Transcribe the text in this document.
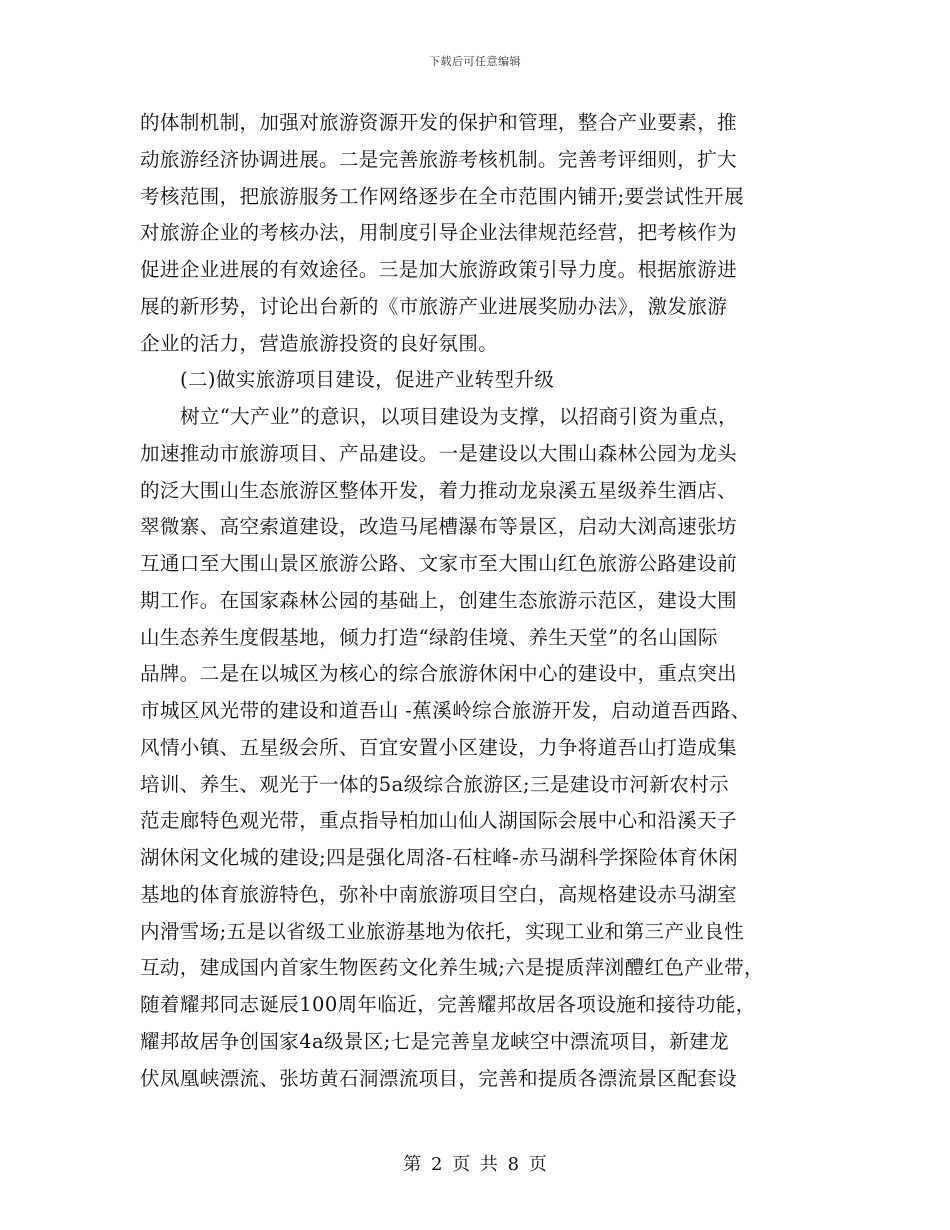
下载后可任意编辑
的体制机制，加强对旅游资源开发的保护和管理，整合产业要素，推
动旅游经济协调进展。二是完善旅游考核机制。完善考评细则，扩大
考核范围，把旅游服务工作网络逐步在全市范围内铺开;要尝试性开展
对旅游企业的考核办法，用制度引导企业法律规范经营，把考核作为
促进企业进展的有效途径。三是加大旅游政策引导力度。根据旅游进
展的新形势，讨论出台新的《市旅游产业进展奖励办法》，激发旅游
企业的活力，营造旅游投资的良好氛围。
(二)做实旅游项目建设，促进产业转型升级
树立“大产业”的意识，以项目建设为支撑，以招商引资为重点，
加速推动市旅游项目、产品建设。一是建设以大围山森林公园为龙头
的泛大围山生态旅游区整体开发，着力推动龙泉溪五星级养生酒店、
翠微寨、高空索道建设，改造马尾槽瀑布等景区，启动大浏高速张坊
互通口至大围山景区旅游公路、文家市至大围山红色旅游公路建设前
期工作。在国家森林公园的基础上，创建生态旅游示范区，建设大围
山生态养生度假基地，倾力打造“绿韵佳境、养生天堂”的名山国际
品牌。二是在以城区为核心的综合旅游休闲中心的建设中，重点突出
市城区风光带的建设和道吾山 -蕉溪岭综合旅游开发，启动道吾西路、
风情小镇、五星级会所、百宜安置小区建设，力争将道吾山打造成集
培训、养生、观光于一体的5a级综合旅游区;三是建设市河新农村示
范走廊特色观光带，重点指导柏加山仙人湖国际会展中心和沿溪天子
湖休闲文化城的建设;四是强化周洛-石柱峰-赤马湖科学探险体育休闲
基地的体育旅游特色，弥补中南旅游项目空白，高规格建设赤马湖室
内滑雪场;五是以省级工业旅游基地为依托，实现工业和第三产业良性
互动，建成国内首家生物医药文化养生城;六是提质萍浏醴红色产业带，
随着耀邦同志诞辰100周年临近，完善耀邦故居各项设施和接待功能，
耀邦故居争创国家4a级景区;七是完善皇龙峡空中漂流项目，新建龙
伏凤凰峡漂流、张坊黄石洞漂流项目，完善和提质各漂流景区配套设
第 2 页 共 8 页
